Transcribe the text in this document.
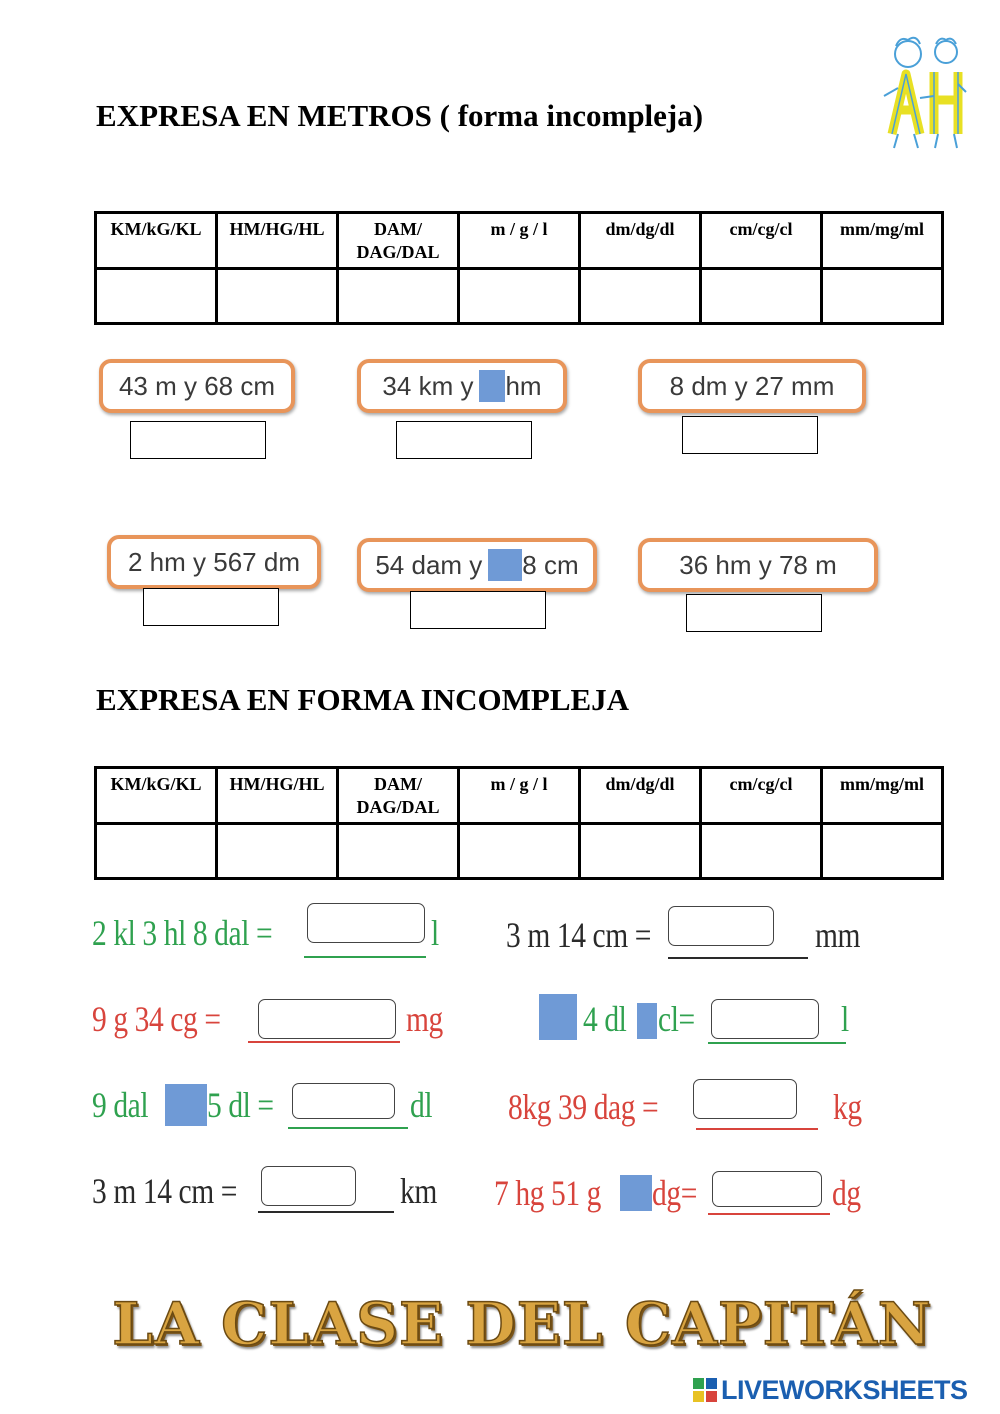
EXPRESA EN METROS ( forma incompleja)
KM/kG/KL	HM/HG/HL	DAM/ DAG/DAL	m / g / l	dm/dg/dl	cm/cg/cl	mm/mg/ml

43 m y 68 cm	34 km y hm	8 dm y 27 mm
2 hm y 567 dm	54 dam y 8 cm	36 hm y 78 m
EXPRESA EN FORMA INCOMPLEJA
KM/kG/KL	HM/HG/HL	DAM/ DAG/DAL	m / g / l	dm/dg/dl	cm/cg/cl	mm/mg/ml

2 kl 3 hl 8 dal =	l 3 m 14 cm =	mm
9 g 34 cg =	mg	4 dl cl=	l
9 dal 5 dl =	dl 8kg 39 dag =	kg
3 m 14 cm =	km 7 hg 51 g dg=	dg
LA CLASE DEL CAPITÁN
LIVEWORKSHEETS
